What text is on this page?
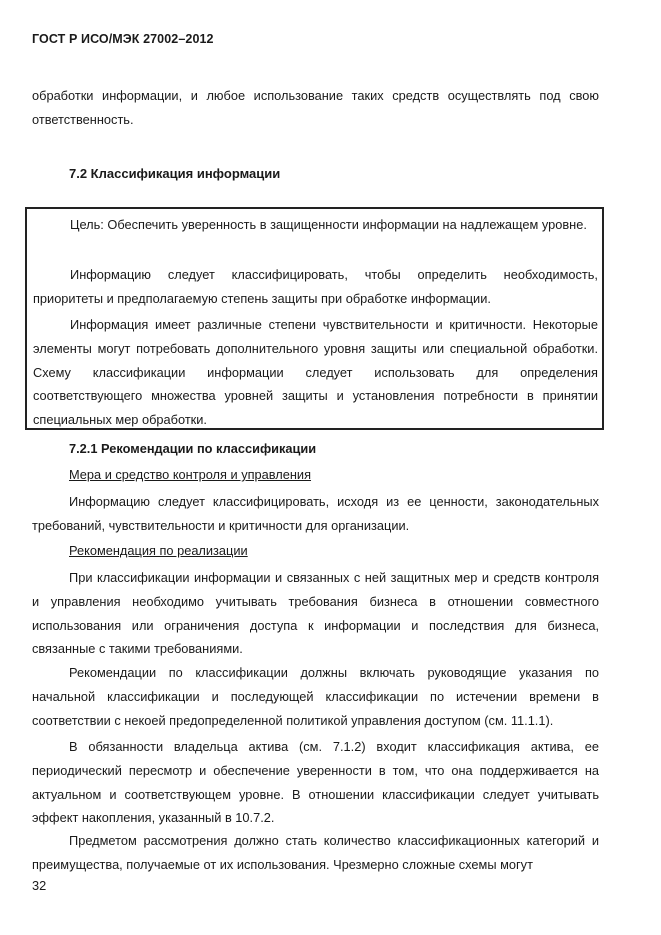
ГОСТ Р ИСО/МЭК 27002–2012

обработки информации, и любое использование таких средств осуществлять под свою ответственность.

7.2 Классификация информации

Цель: Обеспечить уверенность в защищенности информации на надлежащем уровне.

Информацию следует классифицировать, чтобы определить необходимость, приоритеты и предполагаемую степень защиты при обработке информации.

Информация имеет различные степени чувствительности и критичности. Некоторые элементы могут потребовать дополнительного уровня защиты или специальной обработки. Схему классификации информации следует использовать для определения соответствующего множества уровней защиты и установления потребности в принятии специальных мер обработки.

7.2.1 Рекомендации по классификации
Мера и средство контроля и управления

Информацию следует классифицировать, исходя из ее ценности, законодательных требований, чувствительности и критичности для организации.

Рекомендация по реализации

При классификации информации и связанных с ней защитных мер и средств контроля и управления необходимо учитывать требования бизнеса в отношении совместного использования или ограничения доступа к информации и последствия для бизнеса, связанные с такими требованиями.

Рекомендации по классификации должны включать руководящие указания по начальной классификации и последующей классификации по истечении времени в соответствии с некоей предопределенной политикой управления доступом (см. 11.1.1).

В обязанности владельца актива (см. 7.1.2) входит классификация актива, ее периодический пересмотр и обеспечение уверенности в том, что она поддерживается на актуальном и соответствующем уровне. В отношении классификации следует учитывать эффект накопления, указанный в 10.7.2.

Предметом рассмотрения должно стать количество классификационных категорий и преимущества, получаемые от их использования. Чрезмерно сложные схемы могут

32
